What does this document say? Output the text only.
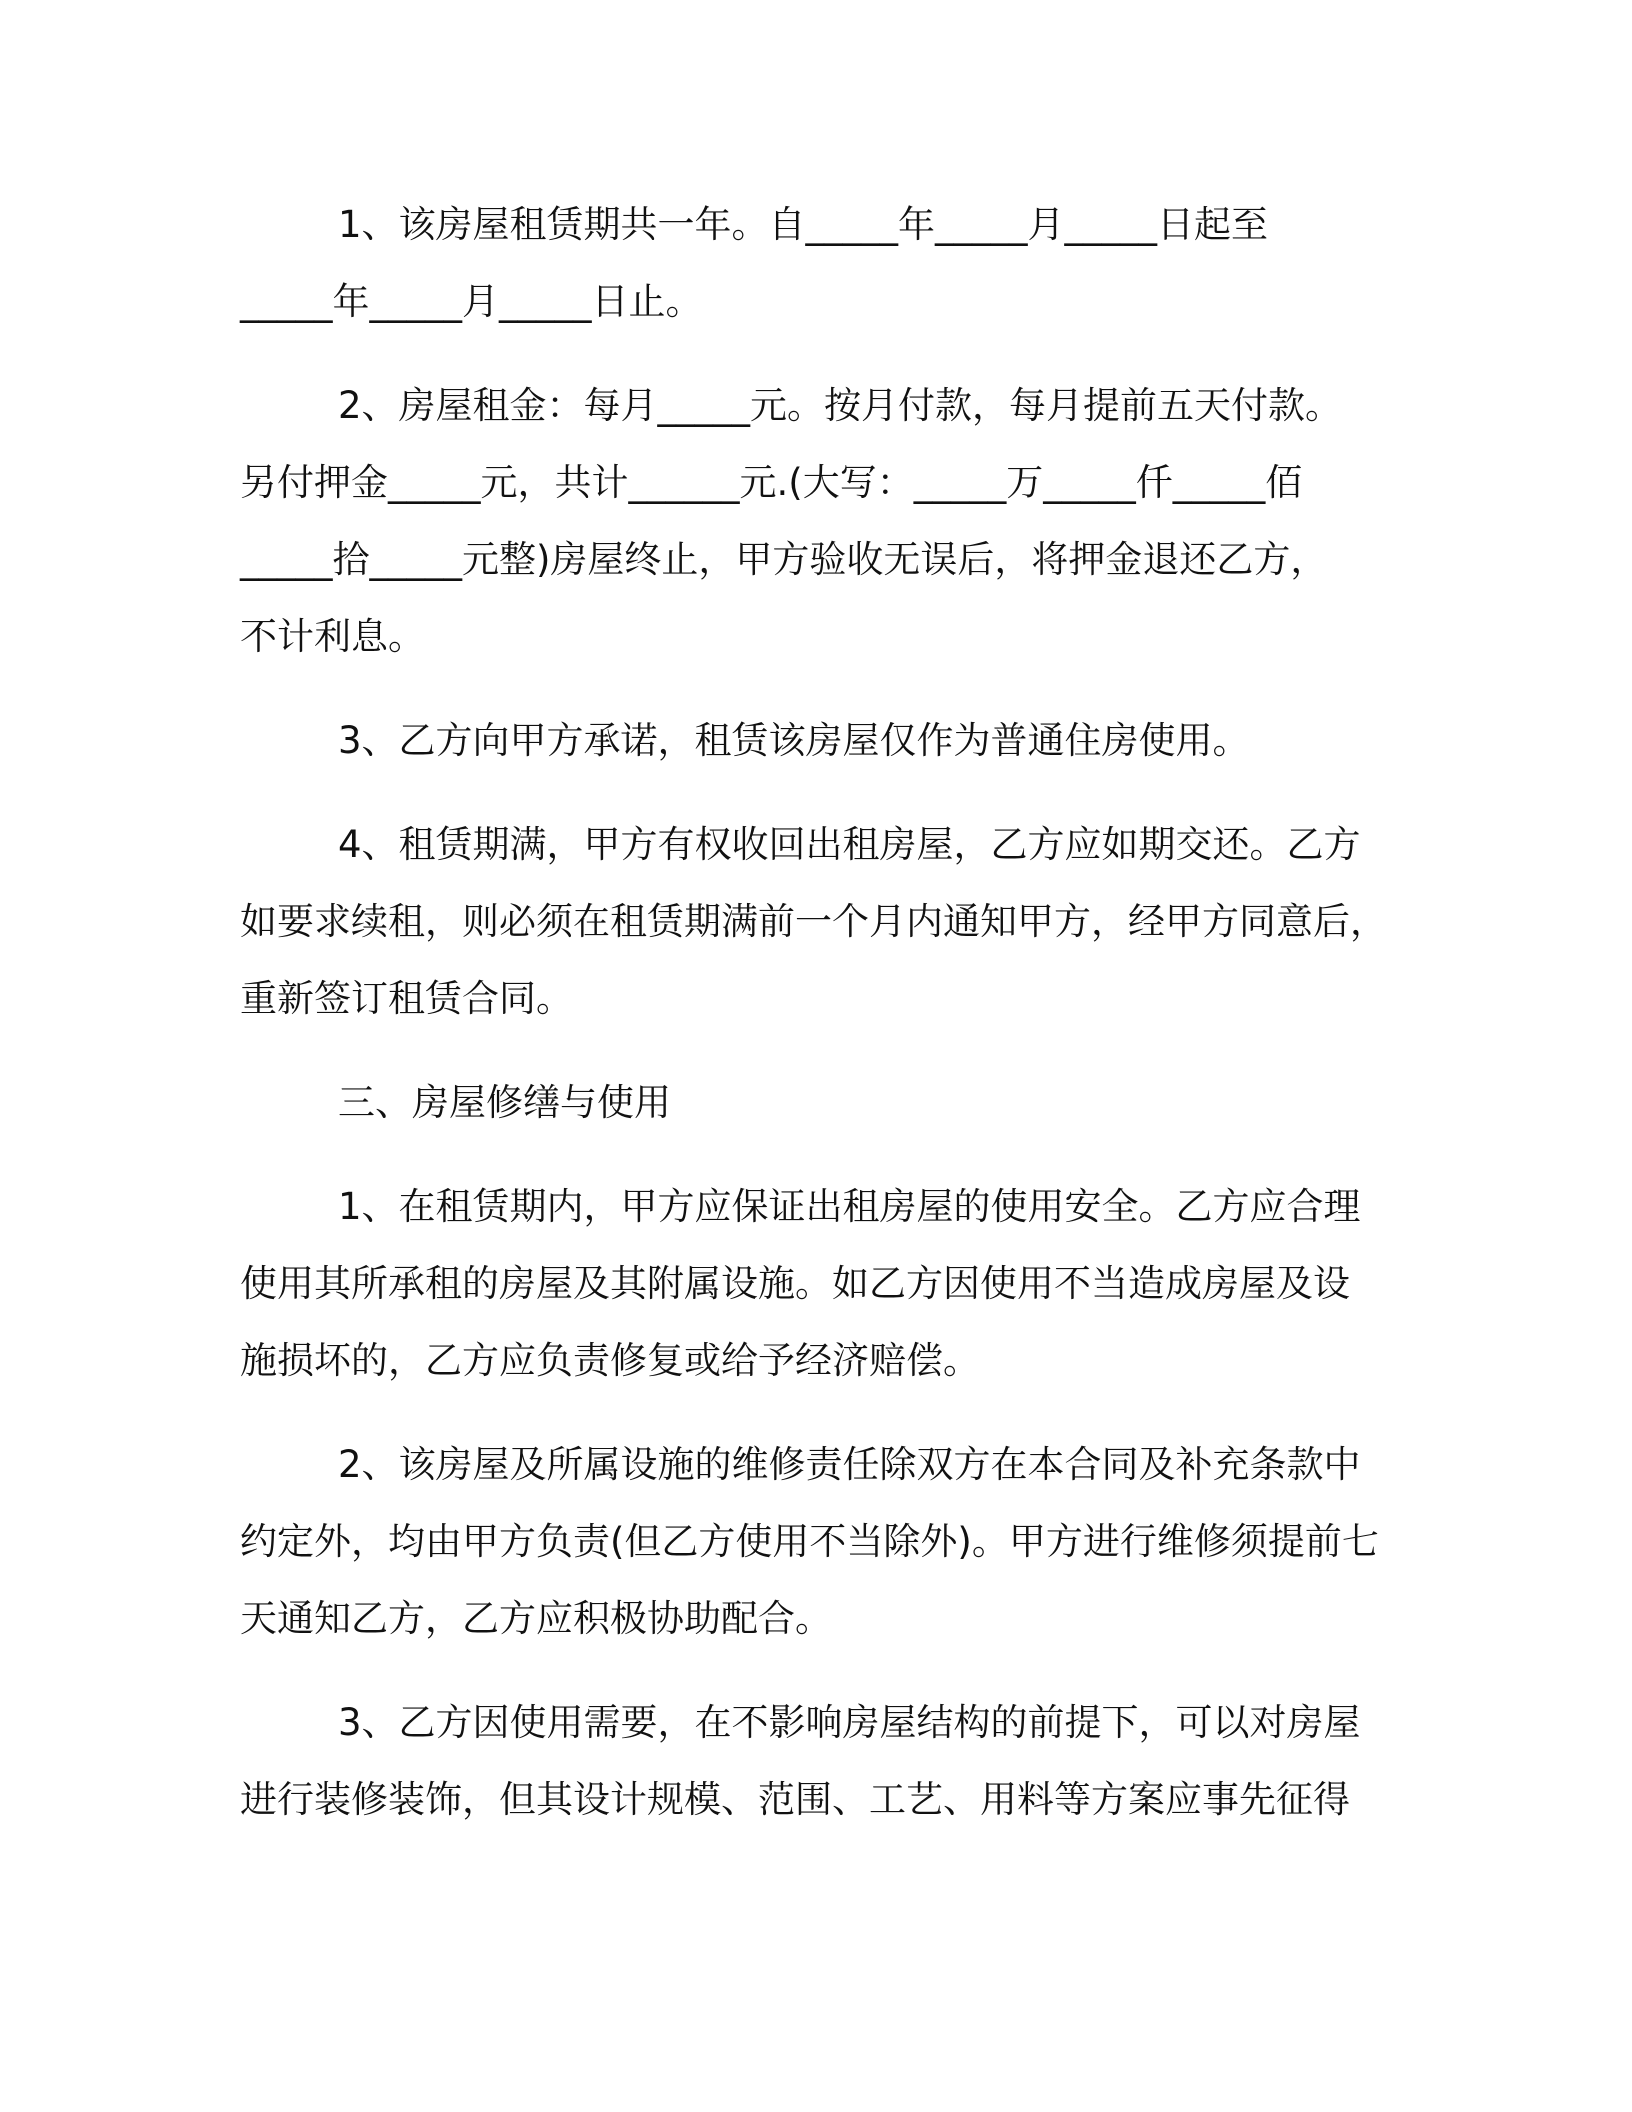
1、该房屋租赁期共一年。自_____年_____月_____日起至
_____年_____月_____日止。

2、房屋租金：每月_____元。按月付款，每月提前五天付款。
另付押金_____元，共计______元.(大写：_____万_____仟_____佰
_____拾_____元整)房屋终止，甲方验收无误后，将押金退还乙方，
不计利息。

3、乙方向甲方承诺，租赁该房屋仅作为普通住房使用。

4、租赁期满，甲方有权收回出租房屋，乙方应如期交还。乙方
如要求续租，则必须在租赁期满前一个月内通知甲方，经甲方同意后，
重新签订租赁合同。

三、房屋修缮与使用

1、在租赁期内，甲方应保证出租房屋的使用安全。乙方应合理
使用其所承租的房屋及其附属设施。如乙方因使用不当造成房屋及设
施损坏的，乙方应负责修复或给予经济赔偿。

2、该房屋及所属设施的维修责任除双方在本合同及补充条款中
约定外，均由甲方负责(但乙方使用不当除外)。甲方进行维修须提前七
天通知乙方，乙方应积极协助配合。

3、乙方因使用需要，在不影响房屋结构的前提下，可以对房屋
进行装修装饰，但其设计规模、范围、工艺、用料等方案应事先征得
